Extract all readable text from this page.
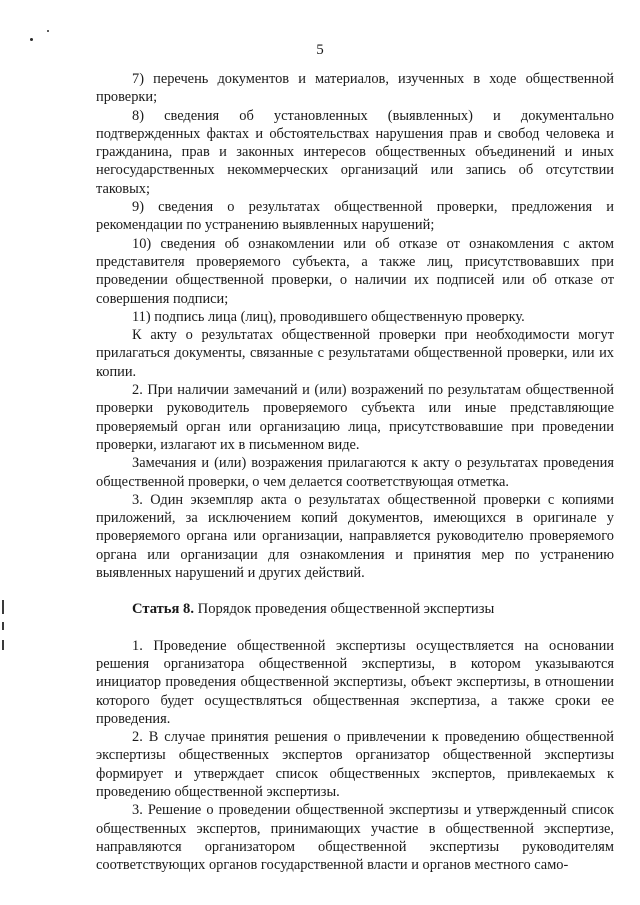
5

7) перечень документов и материалов, изученных в ходе общественной проверки;

8) сведения об установленных (выявленных) и документально подтвержденных фактах и обстоятельствах нарушения прав и свобод человека и гражданина, прав и законных интересов общественных объединений и иных негосударственных некоммерческих организаций или запись об отсутствии таковых;

9) сведения о результатах общественной проверки, предложения и рекомендации по устранению выявленных нарушений;

10) сведения об ознакомлении или об отказе от ознакомления с актом представителя проверяемого субъекта, а также лиц, присутствовавших при проведении общественной проверки, о наличии их подписей или об отказе от совершения подписи;

11) подпись лица (лиц), проводившего общественную проверку.

К акту о результатах общественной проверки при необходимости могут прилагаться документы, связанные с результатами общественной проверки, или их копии.

2. При наличии замечаний и (или) возражений по результатам общественной проверки руководитель проверяемого субъекта или иные представляющие проверяемый орган или организацию лица, присутствовавшие при проведении проверки, излагают их в письменном виде.

Замечания и (или) возражения прилагаются к акту о результатах проведения общественной проверки, о чем делается соответствующая отметка.

3. Один экземпляр акта о результатах общественной проверки с копиями приложений, за исключением копий документов, имеющихся в оригинале у проверяемого органа или организации, направляется руководителю проверяемого органа или организации для ознакомления и принятия мер по устранению выявленных нарушений и других действий.

Статья 8. Порядок проведения общественной экспертизы

1. Проведение общественной экспертизы осуществляется на основании решения организатора общественной экспертизы, в котором указываются инициатор проведения общественной экспертизы, объект экспертизы, в отношении которого будет осуществляться общественная экспертиза, а также сроки ее проведения.

2. В случае принятия решения о привлечении к проведению общественной экспертизы общественных экспертов организатор общественной экспертизы формирует и утверждает список общественных экспертов, привлекаемых к проведению общественной экспертизы.

3. Решение о проведении общественной экспертизы и утвержденный список общественных экспертов, принимающих участие в общественной экспертизе, направляются организатором общественной экспертизы руководителям соответствующих органов государственной власти и органов местного само-
